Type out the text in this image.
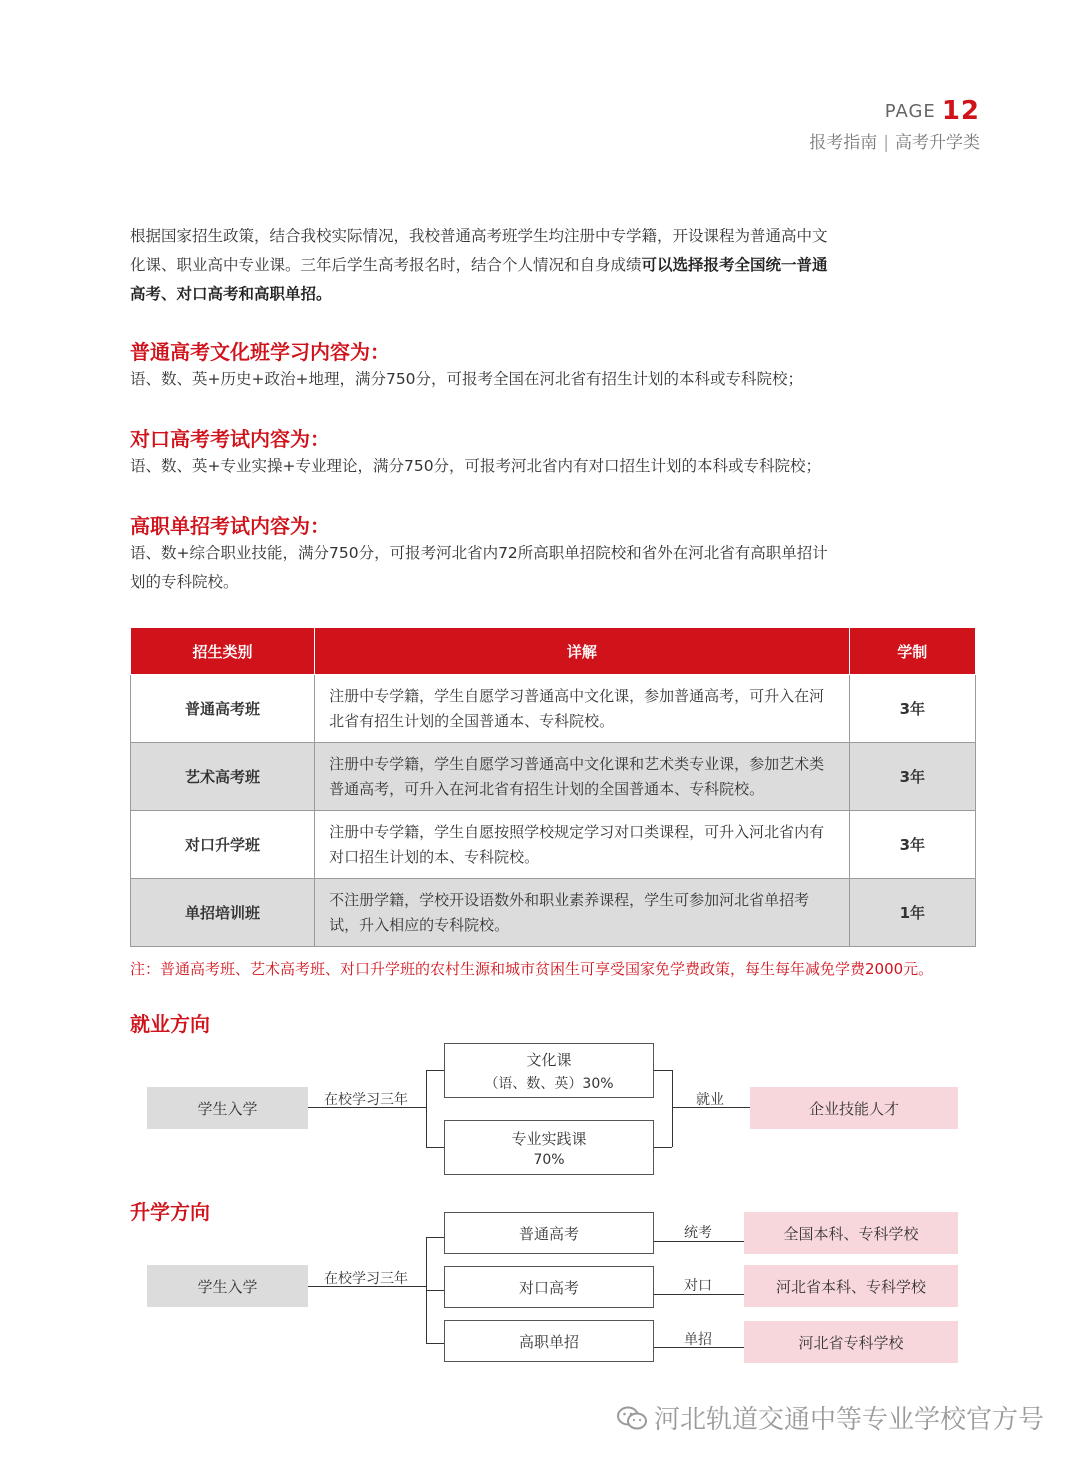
PAGE 12
报考指南 | 高考升学类
根据国家招生政策，结合我校实际情况，我校普通高考班学生均注册中专学籍，开设课程为普通高中文化课、职业高中专业课。三年后学生高考报名时，结合个人情况和自身成绩可以选择报考全国统一普通高考、对口高考和高职单招。
普通高考文化班学习内容为：
语、数、英+历史+政治+地理，满分750分，可报考全国在河北省有招生计划的本科或专科院校；
对口高考考试内容为：
语、数、英+专业实操+专业理论，满分750分，可报考河北省内有对口招生计划的本科或专科院校；
高职单招考试内容为：
语、数+综合职业技能，满分750分，可报考河北省内72所高职单招院校和省外在河北省有高职单招计划的专科院校。
招生类别	详解	学制
普通高考班	注册中专学籍，学生自愿学习普通高中文化课，参加普通高考，可升入在河北省有招生计划的全国普通本、专科院校。	3年
艺术高考班	注册中专学籍，学生自愿学习普通高中文化课和艺术类专业课，参加艺术类普通高考，可升入在河北省有招生计划的全国普通本、专科院校。	3年
对口升学班	注册中专学籍，学生自愿按照学校规定学习对口类课程，可升入河北省内有对口招生计划的本、专科院校。	3年
单招培训班	不注册学籍，学校开设语数外和职业素养课程，学生可参加河北省单招考试，升入相应的专科院校。	1年
注：普通高考班、艺术高考班、对口升学班的农村生源和城市贫困生可享受国家免学费政策，每生每年减免学费2000元。
就业方向
学生入学	在校学习三年
文化课
（语、数、英）30%
专业实践课
70%
就业	企业技能人才
升学方向
学生入学	在校学习三年
普通高考	统考	全国本科、专科学校
对口高考	对口	河北省本科、专科学校
高职单招	单招	河北省专科学校
河北轨道交通中等专业学校官方号
